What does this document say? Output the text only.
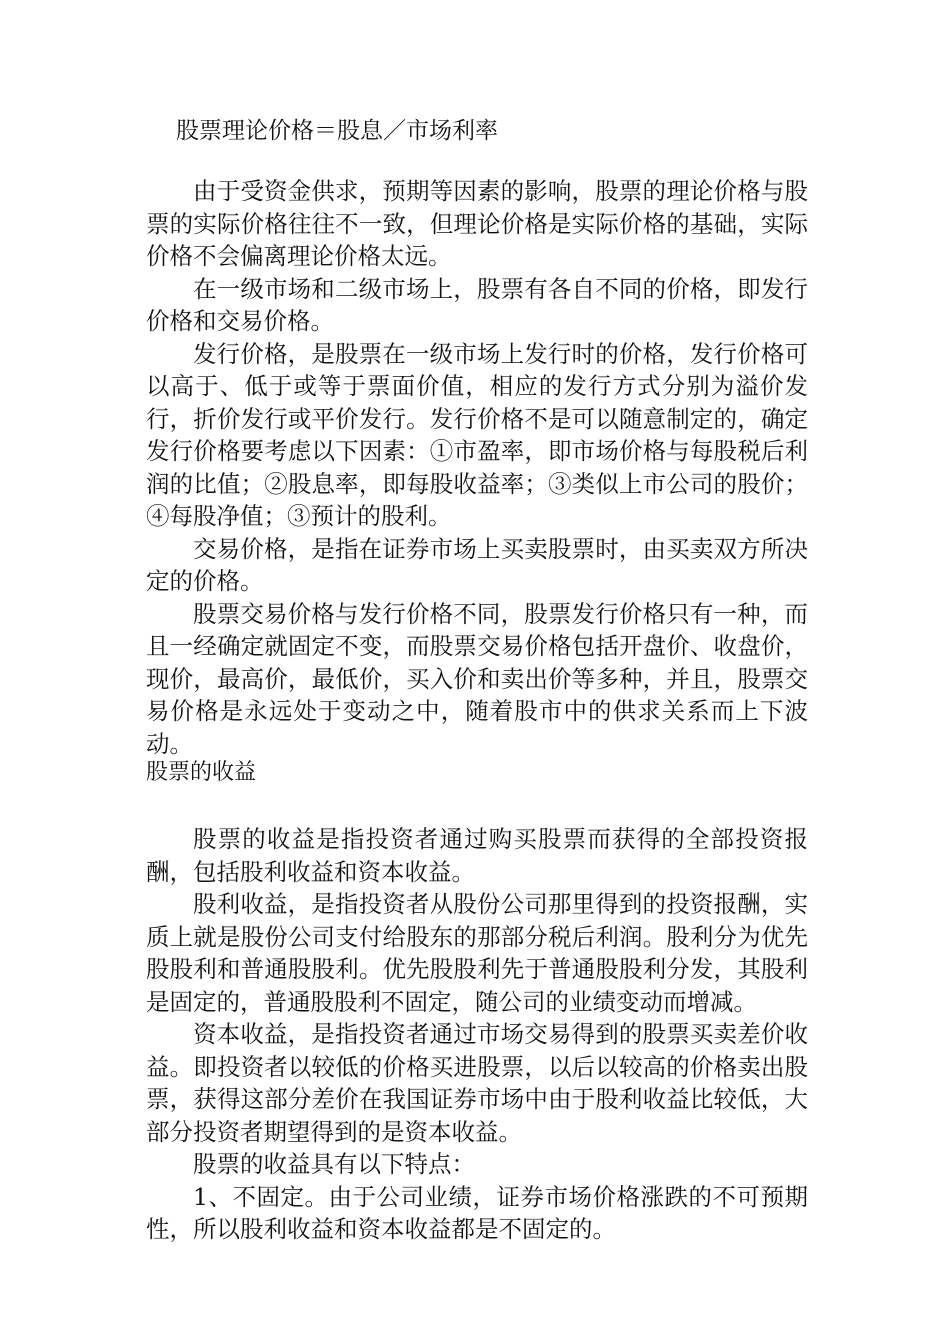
股票理论价格＝股息／市场利率

由于受资金供求，预期等因素的影响，股票的理论价格与股票的实际价格往往不一致，但理论价格是实际价格的基础，实际价格不会偏离理论价格太远。

在一级市场和二级市场上，股票有各自不同的价格，即发行价格和交易价格。

发行价格，是股票在一级市场上发行时的价格，发行价格可以高于、低于或等于票面价值，相应的发行方式分别为溢价发行，折价发行或平价发行。发行价格不是可以随意制定的，确定发行价格要考虑以下因素：①市盈率，即市场价格与每股税后利润的比值；②股息率，即每股收益率；③类似上市公司的股价；④每股净值；③预计的股利。

交易价格，是指在证券市场上买卖股票时，由买卖双方所决定的价格。

股票交易价格与发行价格不同，股票发行价格只有一种，而且一经确定就固定不变，而股票交易价格包括开盘价、收盘价，现价，最高价，最低价，买入价和卖出价等多种，并且，股票交易价格是永远处于变动之中，随着股市中的供求关系而上下波动。

股票的收益

股票的收益是指投资者通过购买股票而获得的全部投资报酬，包括股利收益和资本收益。

股利收益，是指投资者从股份公司那里得到的投资报酬，实质上就是股份公司支付给股东的那部分税后利润。股利分为优先股股利和普通股股利。优先股股利先于普通股股利分发，其股利是固定的，普通股股利不固定，随公司的业绩变动而增减。

资本收益，是指投资者通过市场交易得到的股票买卖差价收益。即投资者以较低的价格买进股票，以后以较高的价格卖出股票，获得这部分差价在我国证券市场中由于股利收益比较低，大部分投资者期望得到的是资本收益。

股票的收益具有以下特点：

1、不固定。由于公司业绩，证券市场价格涨跌的不可预期性，所以股利收益和资本收益都是不固定的。
